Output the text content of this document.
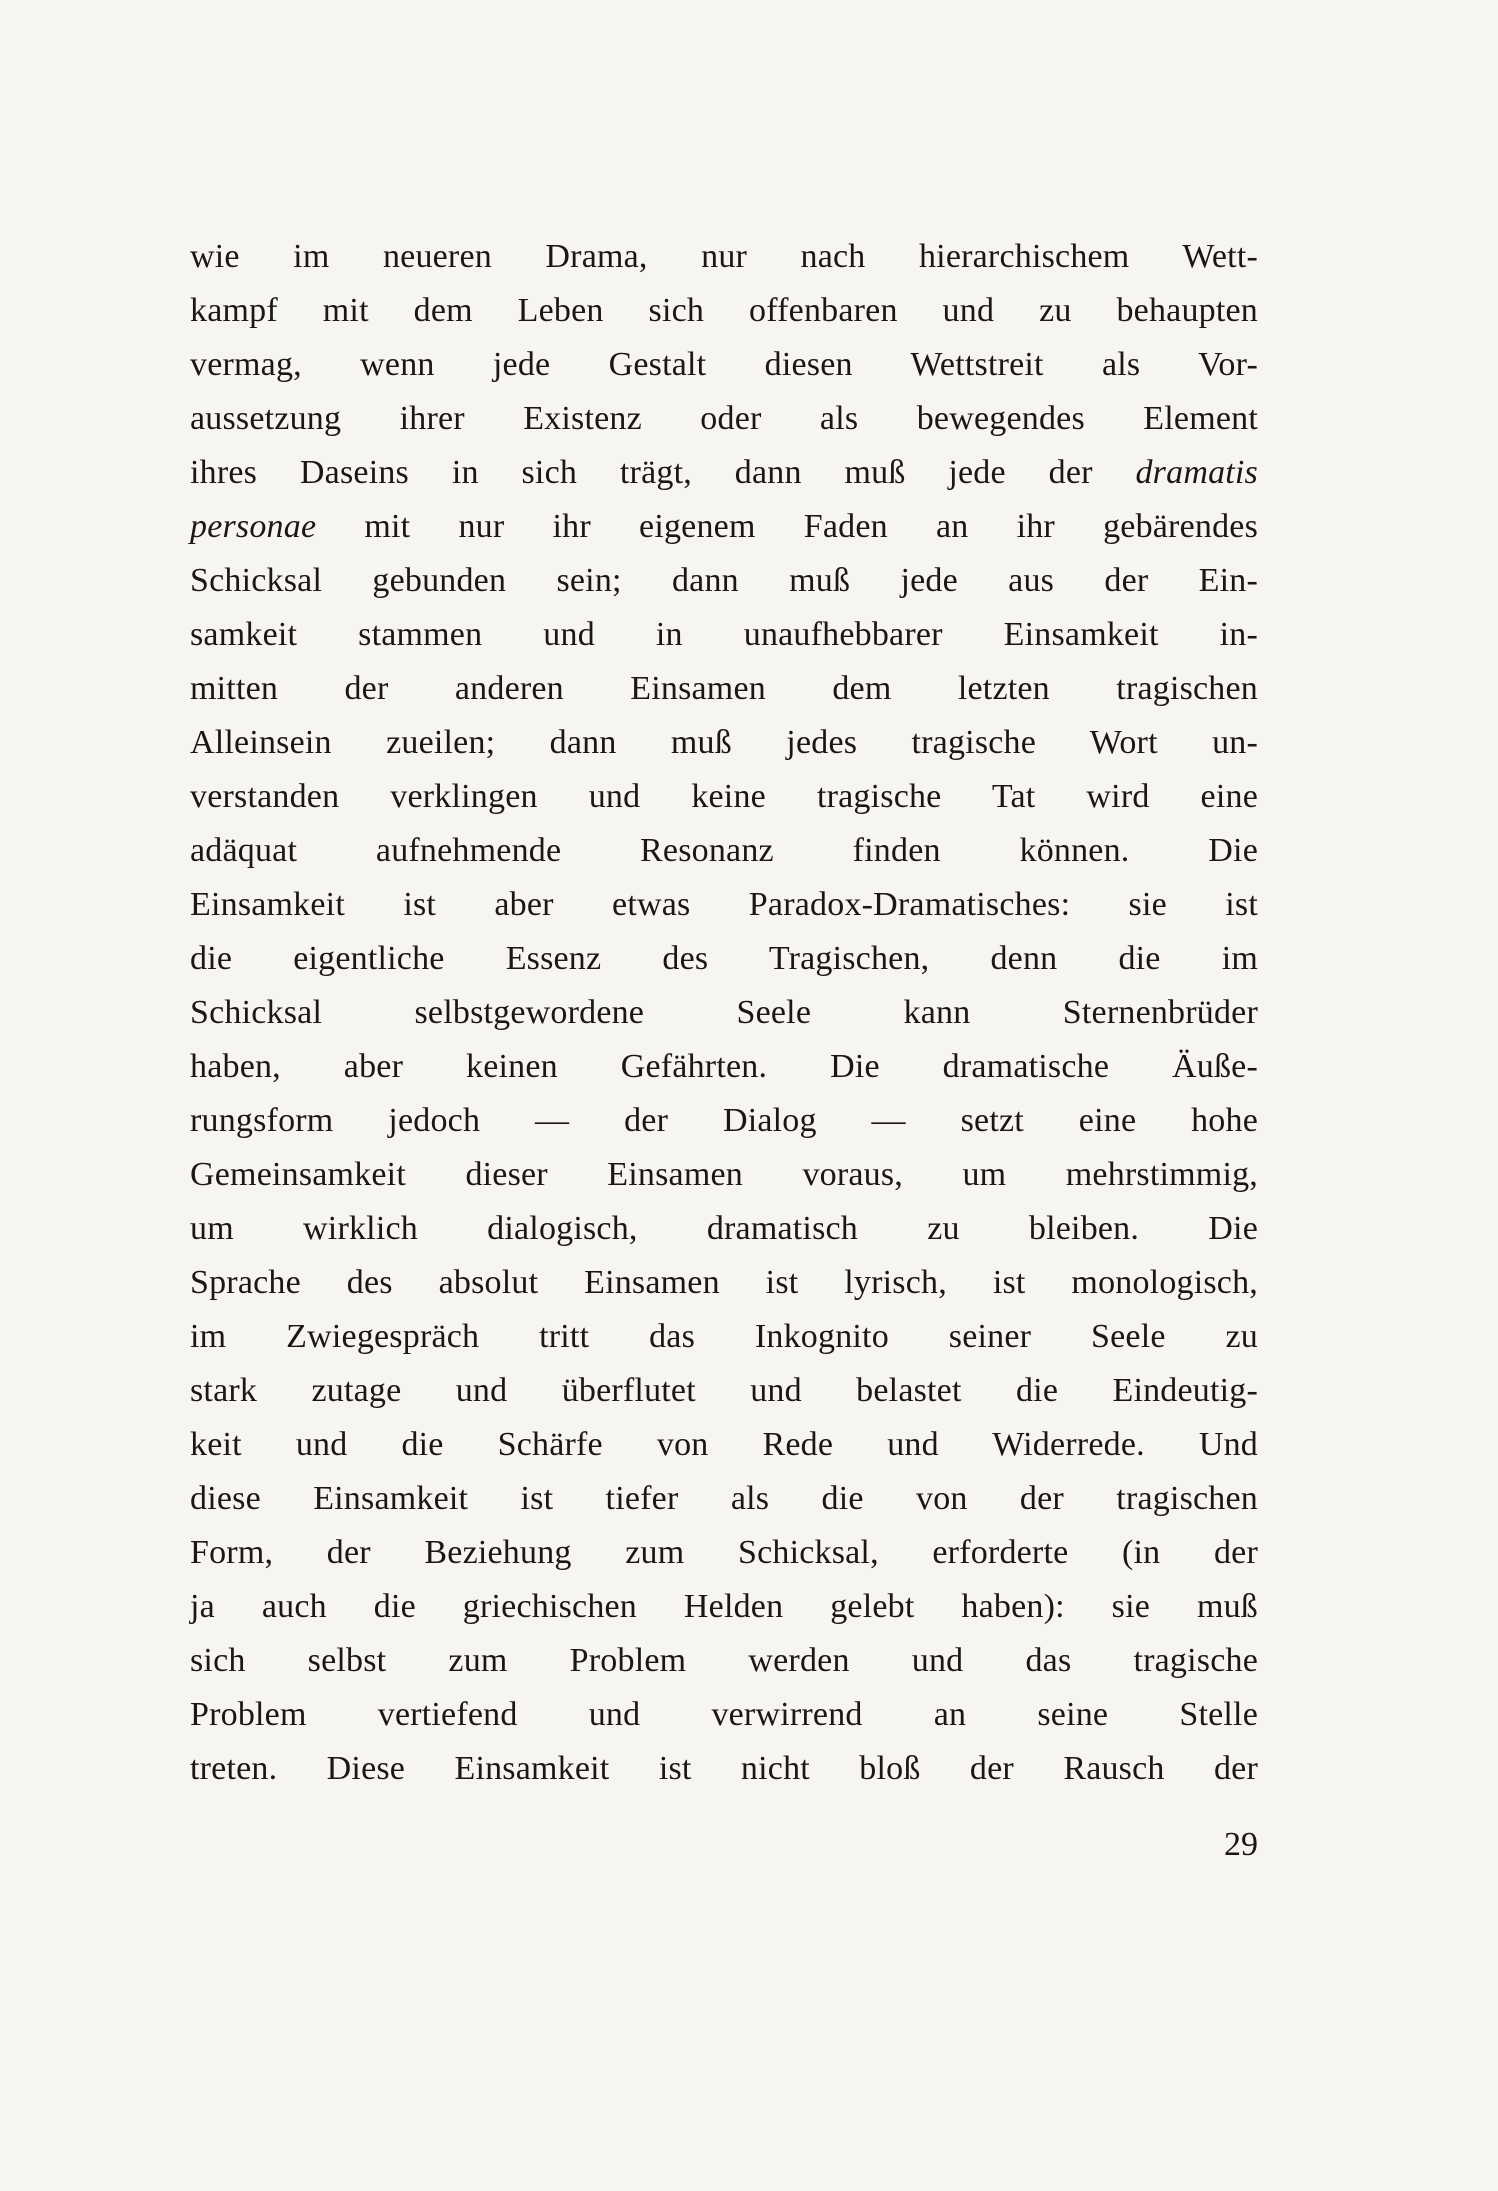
wie im neueren Drama, nur nach hierarchischem Wett-
kampf mit dem Leben sich offenbaren und zu behaupten
vermag, wenn jede Gestalt diesen Wettstreit als Vor-
aussetzung ihrer Existenz oder als bewegendes Element
ihres Daseins in sich trägt, dann muß jede der dramatis
personae mit nur ihr eigenem Faden an ihr gebärendes
Schicksal gebunden sein; dann muß jede aus der Ein-
samkeit stammen und in unaufhebbarer Einsamkeit in-
mitten der anderen Einsamen dem letzten tragischen
Alleinsein zueilen; dann muß jedes tragische Wort un-
verstanden verklingen und keine tragische Tat wird eine
adäquat aufnehmende Resonanz finden können. Die
Einsamkeit ist aber etwas Paradox-Dramatisches: sie ist
die eigentliche Essenz des Tragischen, denn die im
Schicksal selbstgewordene Seele kann Sternenbrüder
haben, aber keinen Gefährten. Die dramatische Äuße-
rungsform jedoch — der Dialog — setzt eine hohe
Gemeinsamkeit dieser Einsamen voraus, um mehrstimmig,
um wirklich dialogisch, dramatisch zu bleiben. Die
Sprache des absolut Einsamen ist lyrisch, ist monologisch,
im Zwiegespräch tritt das Inkognito seiner Seele zu
stark zutage und überflutet und belastet die Eindeutig-
keit und die Schärfe von Rede und Widerrede. Und
diese Einsamkeit ist tiefer als die von der tragischen
Form, der Beziehung zum Schicksal, erforderte (in der
ja auch die griechischen Helden gelebt haben): sie muß
sich selbst zum Problem werden und das tragische
Problem vertiefend und verwirrend an seine Stelle
treten. Diese Einsamkeit ist nicht bloß der Rausch der
29
